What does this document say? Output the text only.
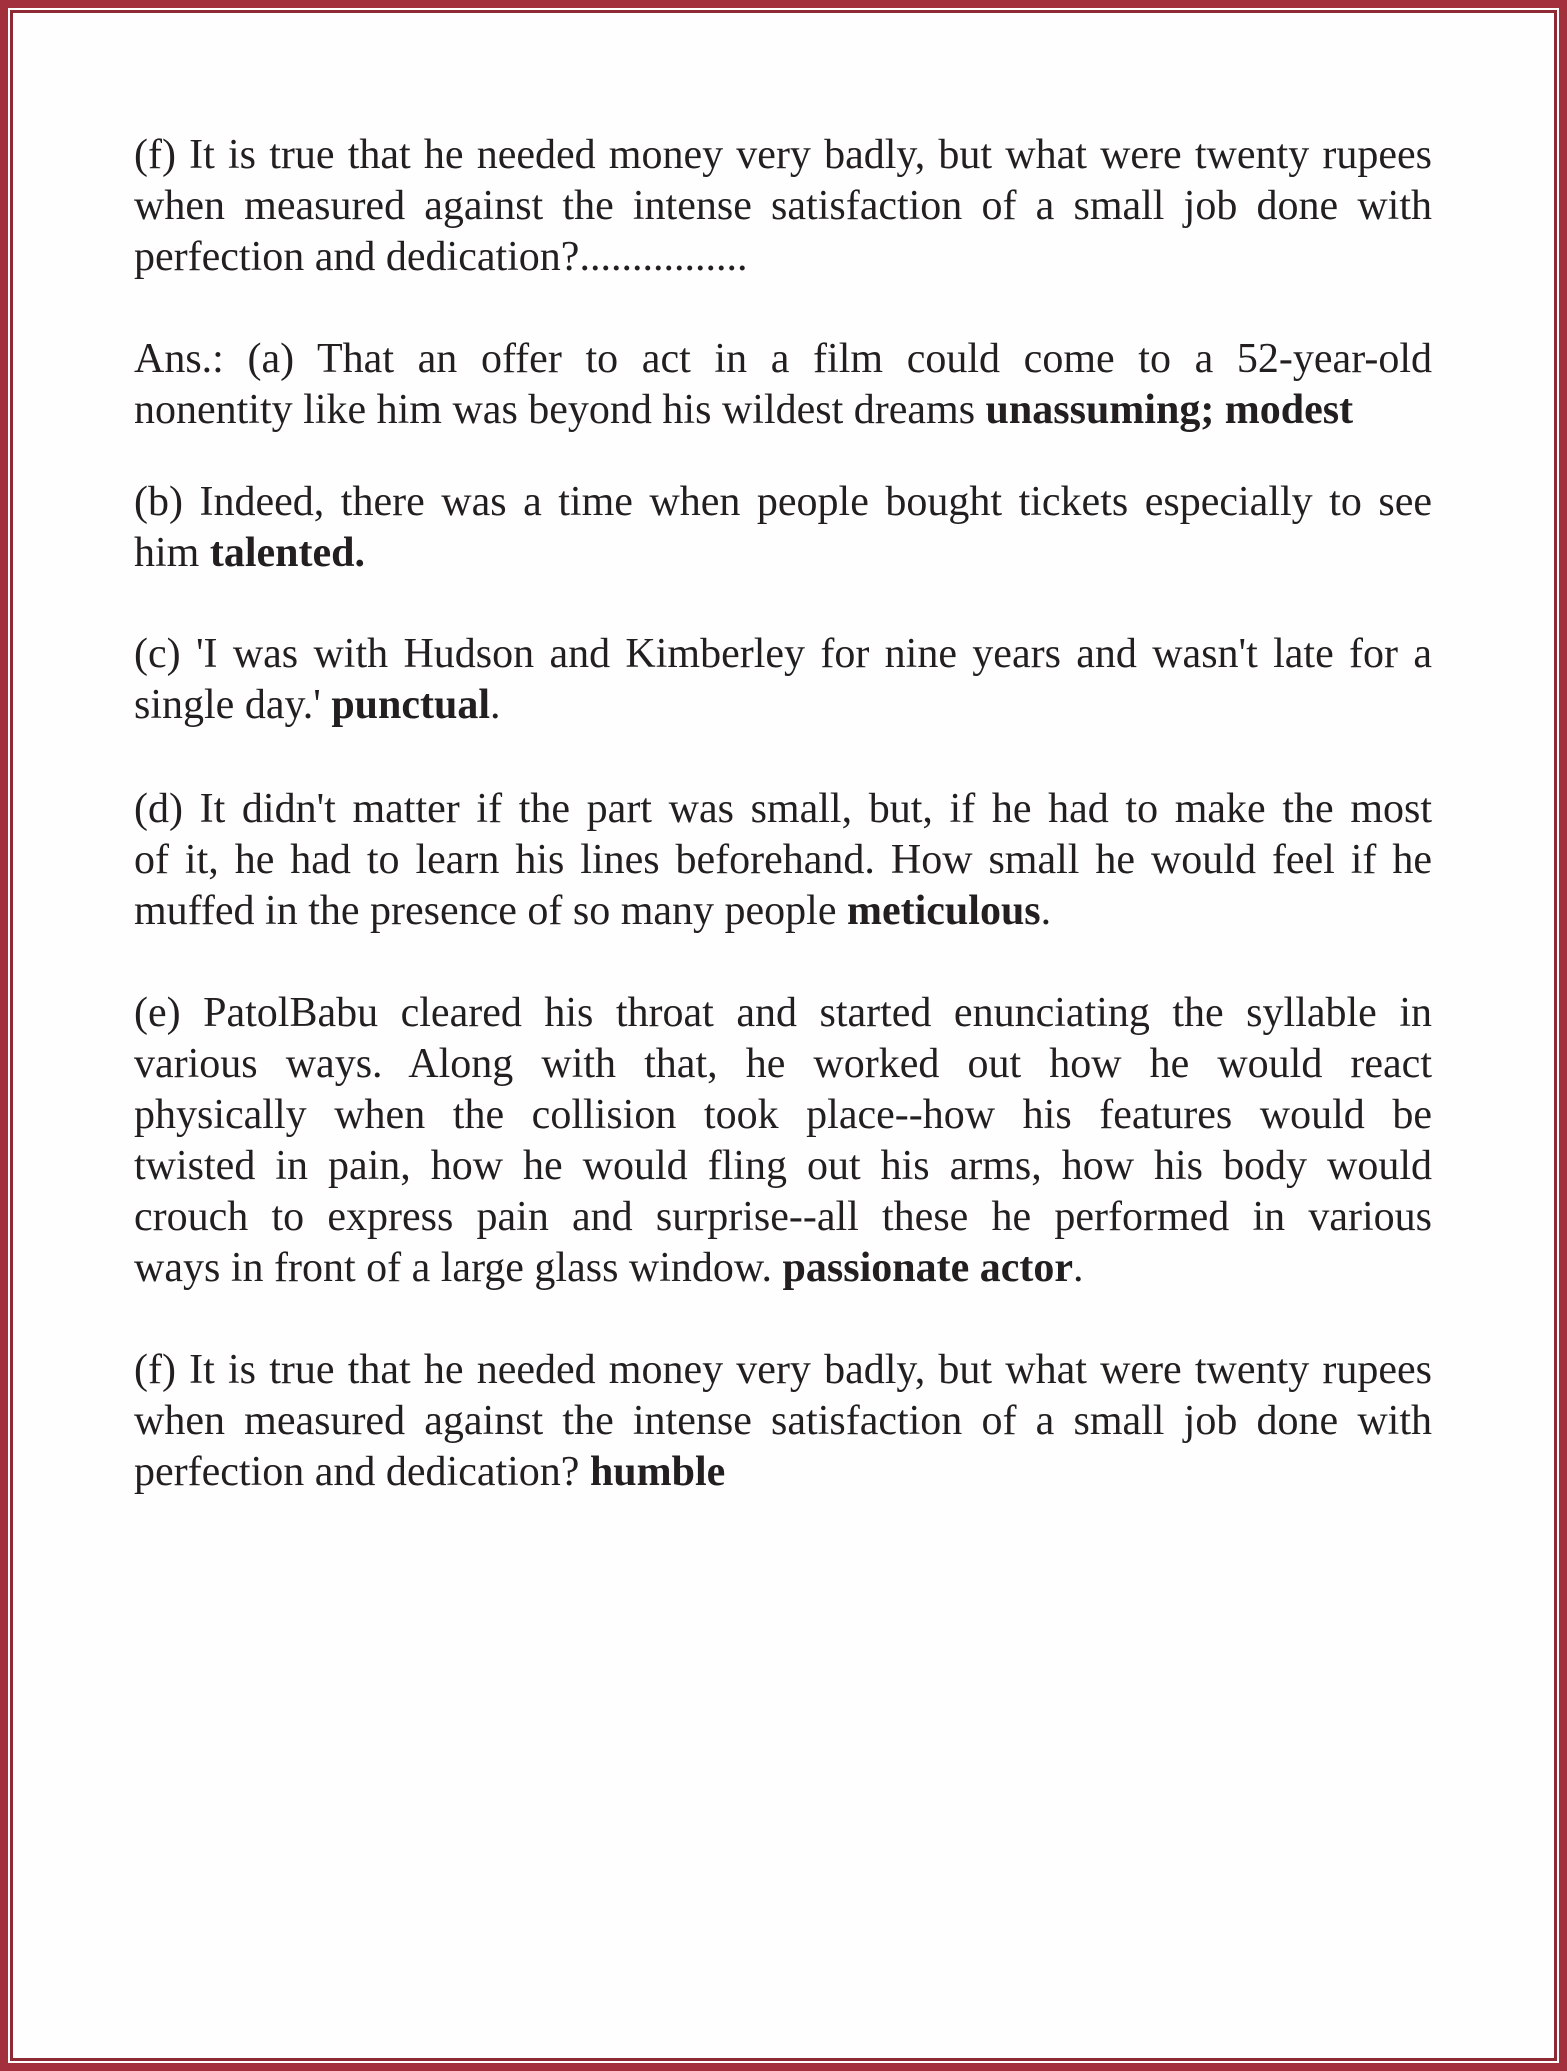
(f) It is true that he needed money very badly, but what were twenty rupees
when measured against the intense satisfaction of a small job done with
perfection and dedication?................
Ans.: (a) That an offer to act in a film could come to a 52-year-old
nonentity like him was beyond his wildest dreams unassuming; modest
(b) Indeed, there was a time when people bought tickets especially to see
him talented.
(c) 'I was with Hudson and Kimberley for nine years and wasn't late for a
single day.' punctual.
(d) It didn't matter if the part was small, but, if he had to make the most
of it, he had to learn his lines beforehand. How small he would feel if he
muffed in the presence of so many people meticulous.
(e) PatolBabu cleared his throat and started enunciating the syllable in
various ways. Along with that, he worked out how he would react
physically when the collision took place--how his features would be
twisted in pain, how he would fling out his arms, how his body would
crouch to express pain and surprise--all these he performed in various
ways in front of a large glass window. passionate actor.
(f) It is true that he needed money very badly, but what were twenty rupees
when measured against the intense satisfaction of a small job done with
perfection and dedication? humble
